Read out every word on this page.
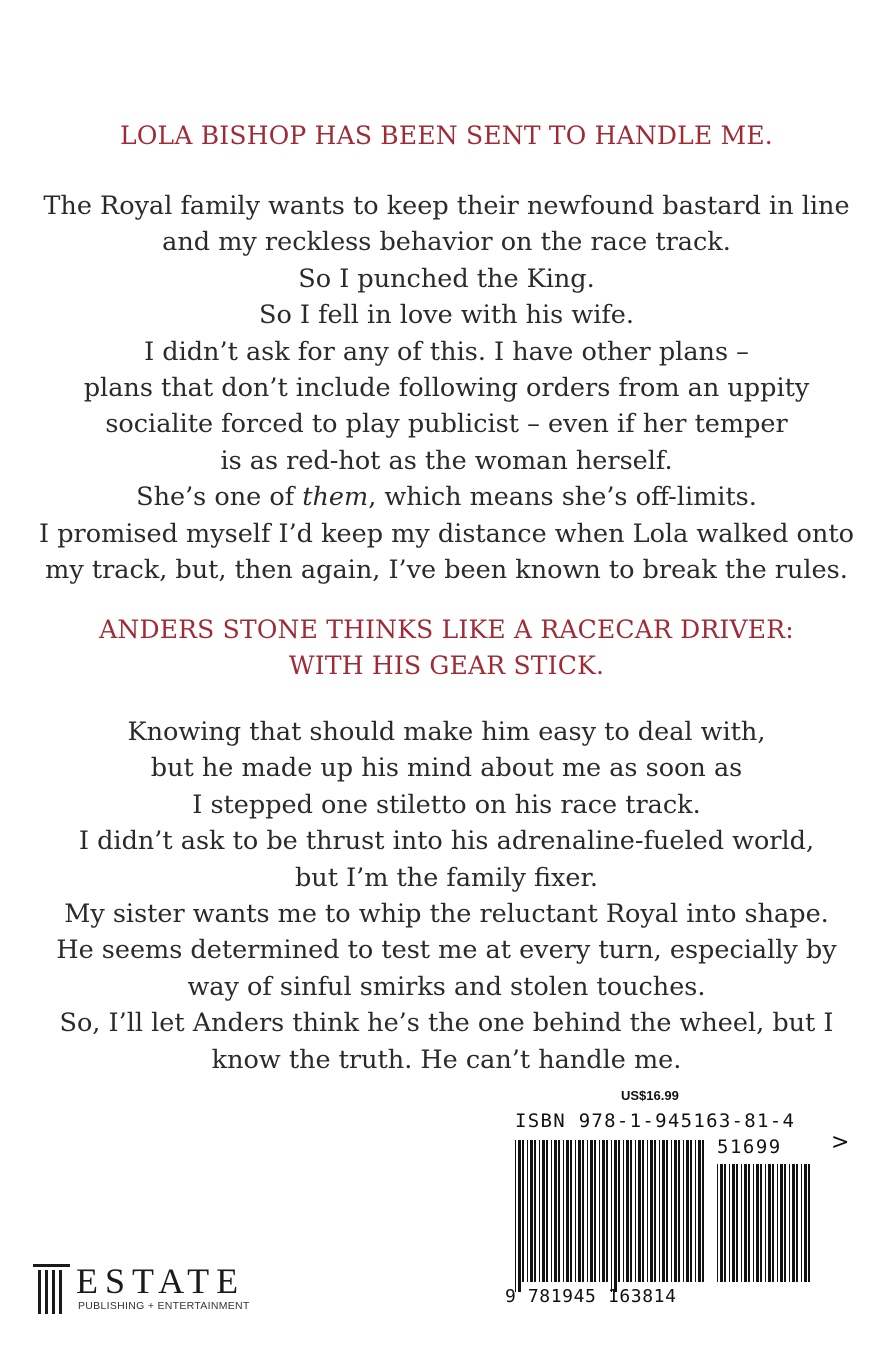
LOLA BISHOP HAS BEEN SENT TO HANDLE ME.
The Royal family wants to keep their newfound bastard in line
and my reckless behavior on the race track.
So I punched the King.
So I fell in love with his wife.
I didn’t ask for any of this. I have other plans –
plans that don’t include following orders from an uppity
socialite forced to play publicist – even if her temper
is as red-hot as the woman herself.
She’s one of them, which means she’s off-limits.
I promised myself I’d keep my distance when Lola walked onto
my track, but, then again, I’ve been known to break the rules.
ANDERS STONE THINKS LIKE A RACECAR DRIVER:
WITH HIS GEAR STICK.
Knowing that should make him easy to deal with,
but he made up his mind about me as soon as
I stepped one stiletto on his race track.
I didn’t ask to be thrust into his adrenaline-fueled world,
but I’m the family fixer.
My sister wants me to whip the reluctant Royal into shape.
He seems determined to test me at every turn, especially by
way of sinful smirks and stolen touches.
So, I’ll let Anders think he’s the one behind the wheel, but I
know the truth. He can’t handle me.
US$16.99
ISBN 978-1-945163-81-4
51699 >
9 781945 163814
ESTATE
PUBLISHING + ENTERTAINMENT
